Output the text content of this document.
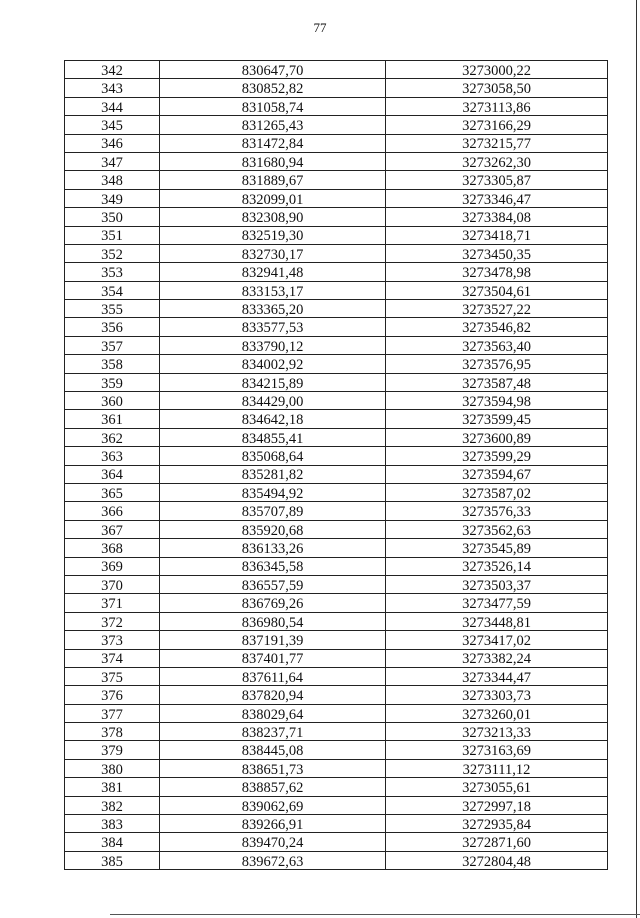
77
342	830647,70	3273000,22
343	830852,82	3273058,50
344	831058,74	3273113,86
345	831265,43	3273166,29
346	831472,84	3273215,77
347	831680,94	3273262,30
348	831889,67	3273305,87
349	832099,01	3273346,47
350	832308,90	3273384,08
351	832519,30	3273418,71
352	832730,17	3273450,35
353	832941,48	3273478,98
354	833153,17	3273504,61
355	833365,20	3273527,22
356	833577,53	3273546,82
357	833790,12	3273563,40
358	834002,92	3273576,95
359	834215,89	3273587,48
360	834429,00	3273594,98
361	834642,18	3273599,45
362	834855,41	3273600,89
363	835068,64	3273599,29
364	835281,82	3273594,67
365	835494,92	3273587,02
366	835707,89	3273576,33
367	835920,68	3273562,63
368	836133,26	3273545,89
369	836345,58	3273526,14
370	836557,59	3273503,37
371	836769,26	3273477,59
372	836980,54	3273448,81
373	837191,39	3273417,02
374	837401,77	3273382,24
375	837611,64	3273344,47
376	837820,94	3273303,73
377	838029,64	3273260,01
378	838237,71	3273213,33
379	838445,08	3273163,69
380	838651,73	3273111,12
381	838857,62	3273055,61
382	839062,69	3272997,18
383	839266,91	3272935,84
384	839470,24	3272871,60
385	839672,63	3272804,48
